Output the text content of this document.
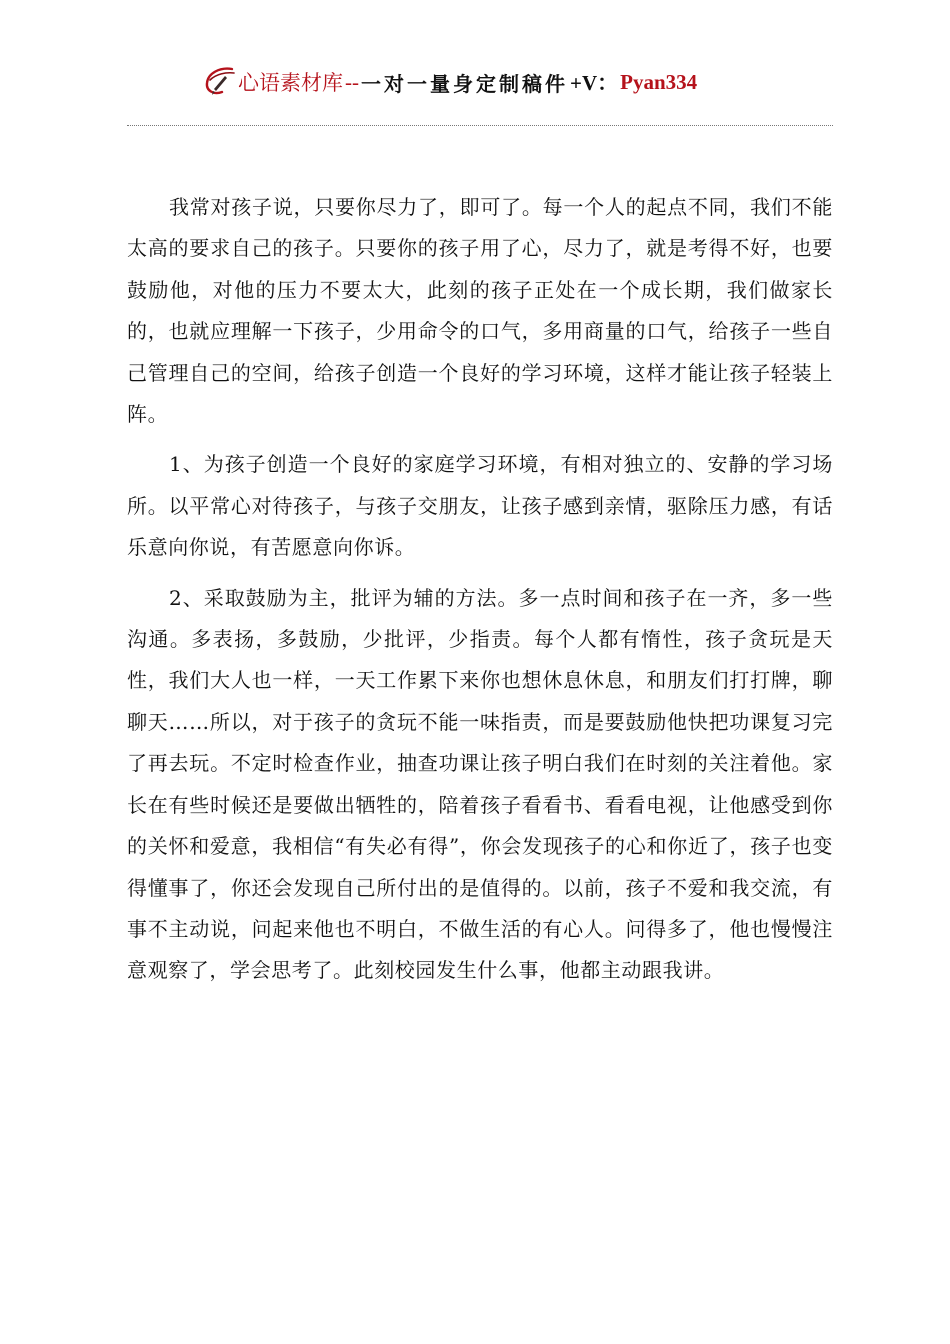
心语素材库 -- 一对一量身定制稿件 +V： Pyan334

我常对孩子说，只要你尽力了，即可了。每一个人的起点不同，我们不能太高的要求自己的孩子。只要你的孩子用了心，尽力了，就是考得不好，也要鼓励他，对他的压力不要太大，此刻的孩子正处在一个成长期，我们做家长的，也就应理解一下孩子，少用命令的口气，多用商量的口气，给孩子一些自己管理自己的空间，给孩子创造一个良好的学习环境，这样才能让孩子轻装上阵。

1、为孩子创造一个良好的家庭学习环境，有相对独立的、安静的学习场所。以平常心对待孩子，与孩子交朋友，让孩子感到亲情，驱除压力感，有话乐意向你说，有苦愿意向你诉。

2、采取鼓励为主，批评为辅的方法。多一点时间和孩子在一齐，多一些沟通。多表扬，多鼓励，少批评，少指责。每个人都有惰性，孩子贪玩是天性，我们大人也一样，一天工作累下来你也想休息休息，和朋友们打打牌，聊聊天……所以，对于孩子的贪玩不能一味指责，而是要鼓励他快把功课复习完了再去玩。不定时检查作业，抽查功课让孩子明白我们在时刻的关注着他。家长在有些时候还是要做出牺牲的，陪着孩子看看书、看看电视，让他感受到你的关怀和爱意，我相信“有失必有得”，你会发现孩子的心和你近了，孩子也变得懂事了，你还会发现自己所付出的是值得的。以前，孩子不爱和我交流，有事不主动说，问起来他也不明白，不做生活的有心人。问得多了，他也慢慢注意观察了，学会思考了。此刻校园发生什么事，他都主动跟我讲。
